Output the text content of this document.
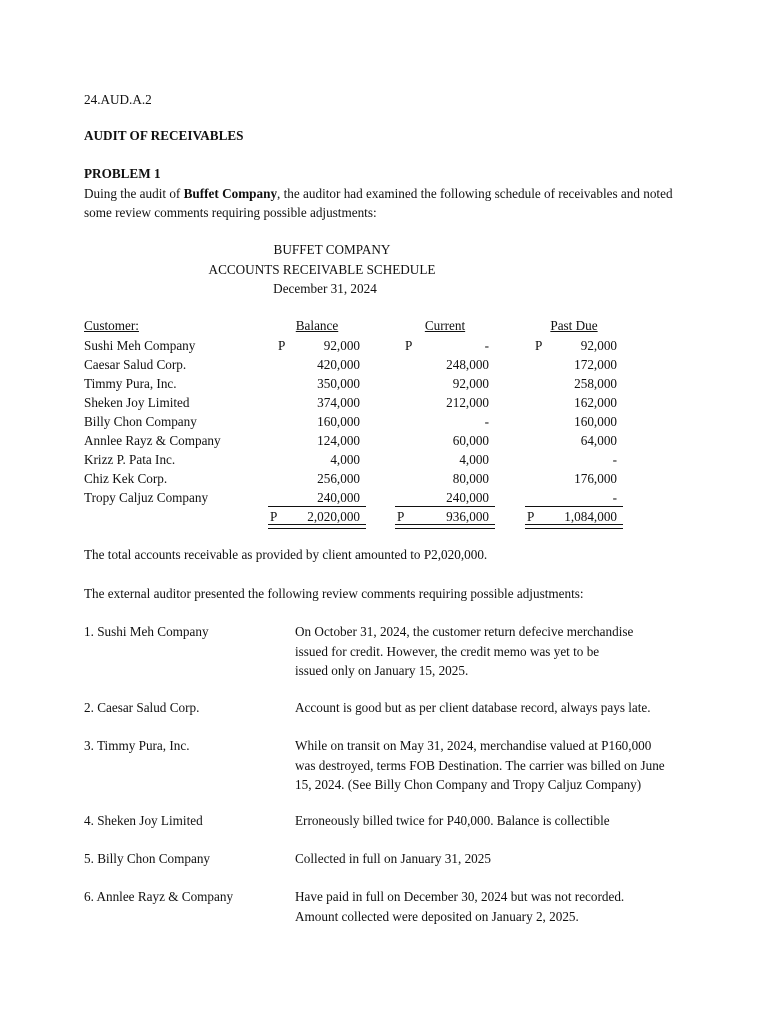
24.AUD.A.2
AUDIT OF RECEIVABLES
PROBLEM 1
Duing the audit of Buffet Company, the auditor had examined the following schedule of receivables and noted
some review comments requiring possible adjustments:
BUFFET COMPANY
ACCOUNTS RECEIVABLE SCHEDULE
December 31, 2024
Customer:	Balance	Current	Past Due
Sushi Meh Company	P	92,000	P	-	P	92,000
Caesar Salud Corp.	420,000	248,000	172,000
Timmy Pura, Inc.	350,000	92,000	258,000
Sheken Joy Limited	374,000	212,000	162,000
Billy Chon Company	160,000	-	160,000
Annlee Rayz & Company	124,000	60,000	64,000
Krizz P. Pata Inc.	4,000	4,000	-
Chiz Kek Corp.	256,000	80,000	176,000
Tropy Caljuz Company	240,000	240,000	-
P 2,020,000	P	936,000	P 1,084,000
The total accounts receivable as provided by client amounted to P2,020,000.
The external auditor presented the following review comments requiring possible adjustments:
1. Sushi Meh Company	On October 31, 2024, the customer return defecive merchandise
issued for credit. However, the credit memo was yet to be
issued only on January 15, 2025.
2. Caesar Salud Corp.	Account is good but as per client database record, always pays late.
3. Timmy Pura, Inc.	While on transit on May 31, 2024, merchandise valued at P160,000
was destroyed, terms FOB Destination. The carrier was billed on June
15, 2024. (See Billy Chon Company and Tropy Caljuz Company)
4. Sheken Joy Limited	Erroneously billed twice for P40,000. Balance is collectible
5. Billy Chon Company	Collected in full on January 31, 2025
6. Annlee Rayz & Company	Have paid in full on December 30, 2024 but was not recorded.
Amount collected were deposited on January 2, 2025.
